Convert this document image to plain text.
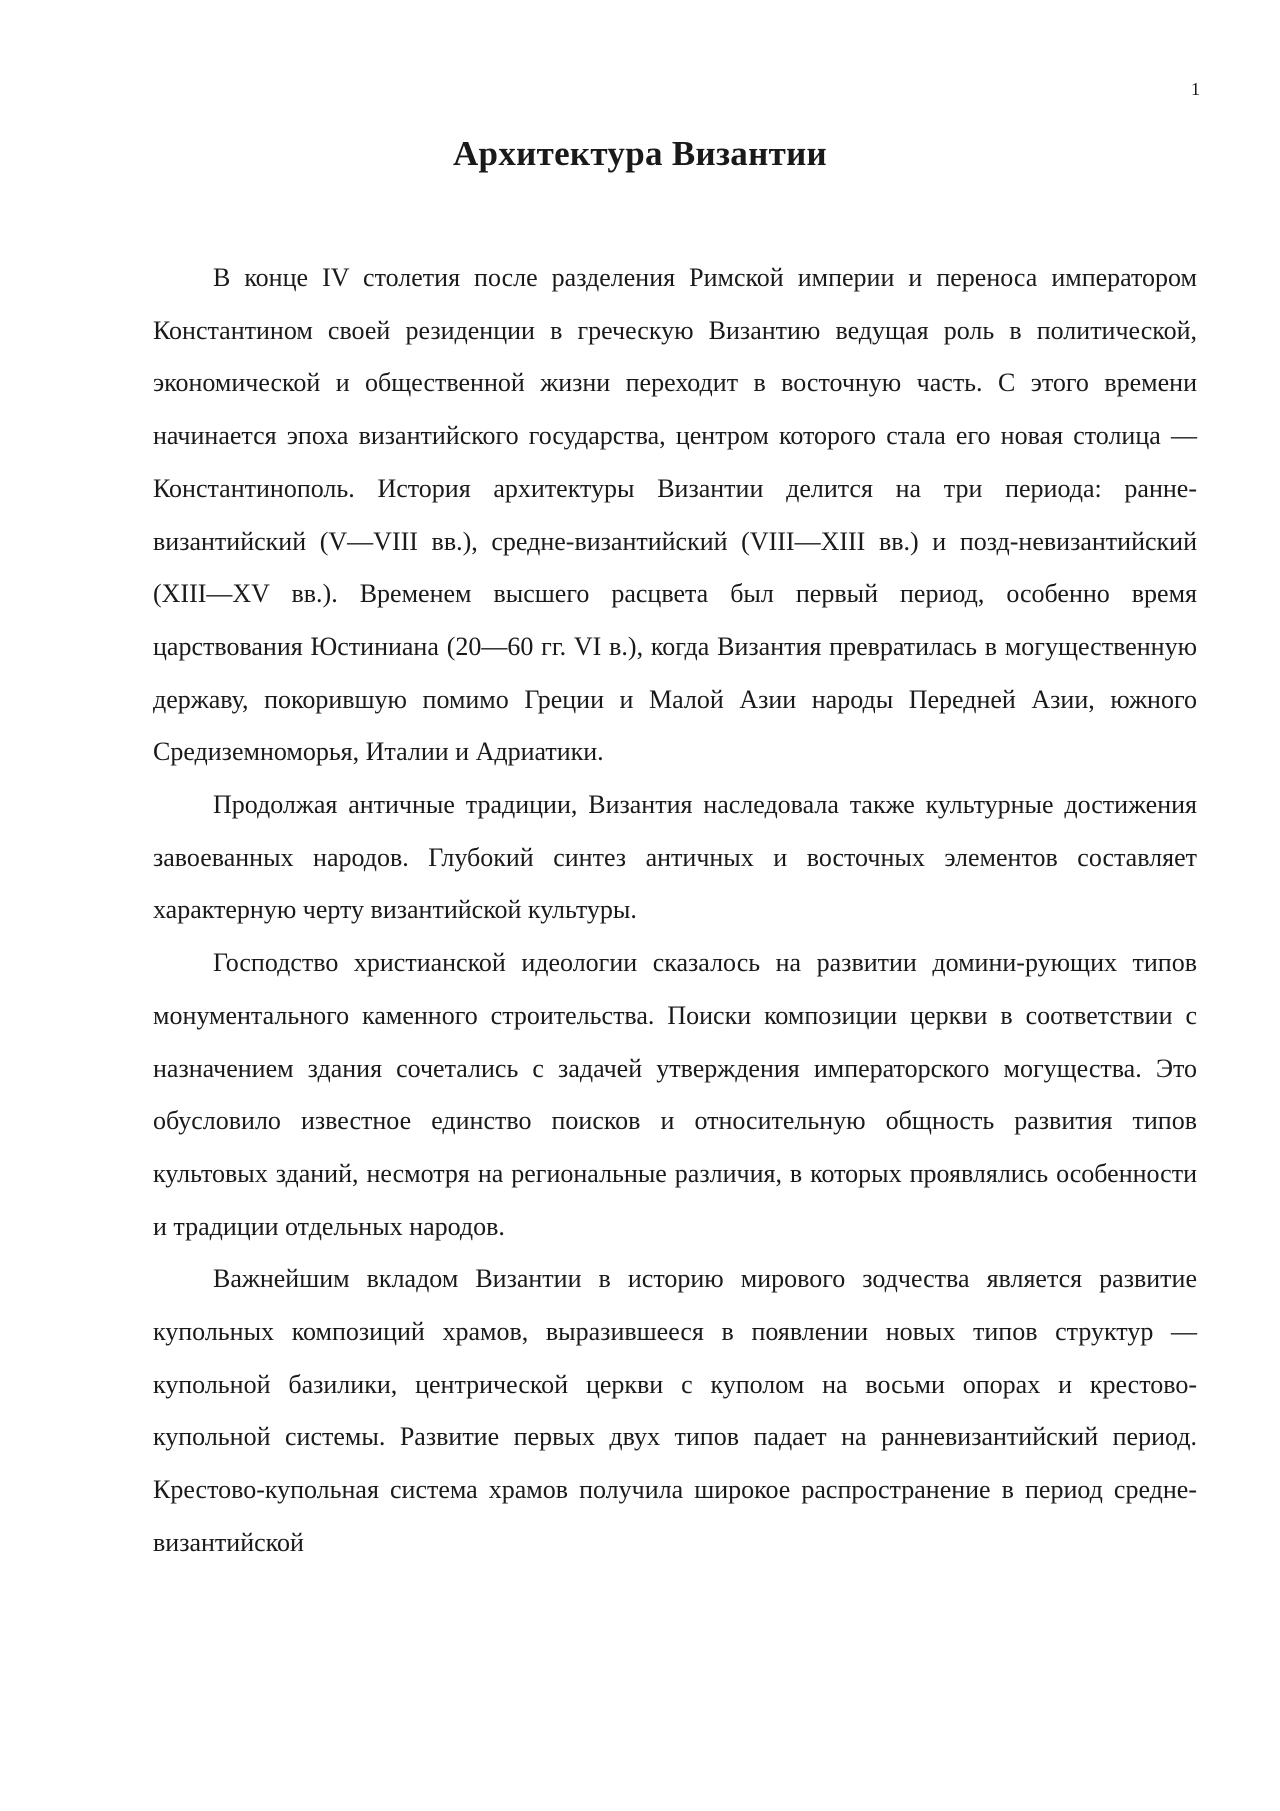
1
Архитектура Византии

В конце IV столетия после разделения Римской империи и переноса императором Константином своей резиденции в греческую Византию ведущая роль в политической, экономической и общественной жизни переходит в восточную часть. С этого времени начинается эпоха византийского государства, центром которого стала его новая столица — Константинополь. История архитектуры Византии делится на три периода: ранне-византийский (V—VIII вв.), средне-византийский (VIII—XIII вв.) и позд-невизантийский (XIII—XV вв.). Временем высшего расцвета был первый период, особенно время царствования Юстиниана (20—60 гг. VI в.), когда Византия превратилась в могущественную державу, покорившую помимо Греции и Малой Азии народы Передней Азии, южного Средиземноморья, Италии и Адриатики.

Продолжая античные традиции, Византия наследовала также культурные достижения завоеванных народов. Глубокий синтез античных и восточных элементов составляет характерную черту византийской культуры.

Господство христианской идеологии сказалось на развитии домини-рующих типов монументального каменного строительства. Поиски композиции церкви в соответствии с назначением здания сочетались с задачей утверждения императорского могущества. Это обусловило известное единство поисков и относительную общность развития типов культовых зданий, несмотря на региональные различия, в которых проявлялись особенности и традиции отдельных народов.

Важнейшим вкладом Византии в историю мирового зодчества является развитие купольных композиций храмов, выразившееся в появлении новых типов структур — купольной базилики, центрической церкви с куполом на восьми опорах и крестово-купольной системы. Развитие первых двух типов падает на ранневизантийский период. Крестово-купольная система храмов получила широкое распространение в период средне-византийской
